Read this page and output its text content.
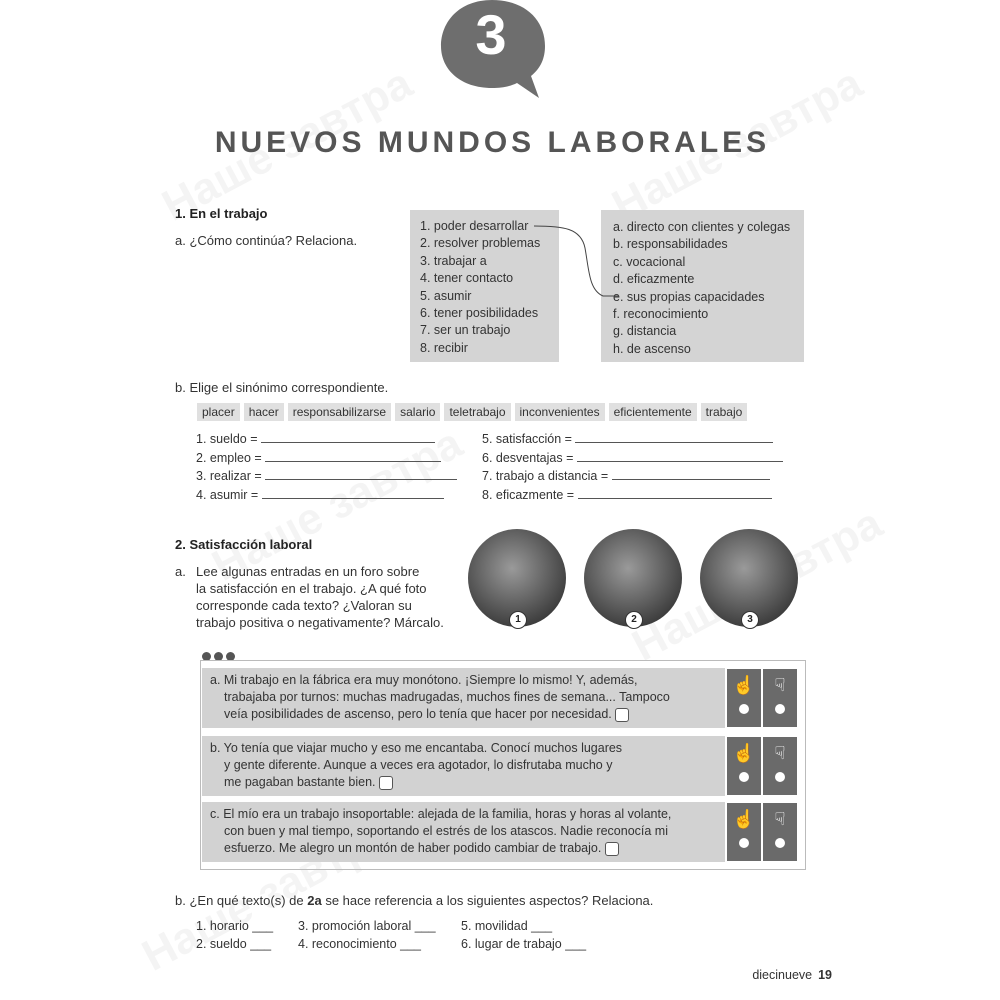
3
NUEVOS MUNDOS LABORALES
1. En el trabajo
a. ¿Cómo continúa? Relaciona.
1. poder desarrollar
2. resolver problemas
3. trabajar a
4. tener contacto
5. asumir
6. tener posibilidades
7. ser un trabajo
8. recibir
a. directo con clientes y colegas
b. responsabilidades
c. vocacional
d. eficazmente
e. sus propias capacidades
f. reconocimiento
g. distancia
h. de ascenso
b. Elige el sinónimo correspondiente.
placer	hacer	responsabilizarse	salario	teletrabajo	inconvenientes	eficientemente	trabajo
1. sueldo =
2. empleo =
3. realizar =
4. asumir =
5. satisfacción =
6. desventajas =
7. trabajo a distancia =
8. eficazmente =
2. Satisfacción laboral
a. Lee algunas entradas en un foro sobre
la satisfacción en el trabajo. ¿A qué foto
corresponde cada texto? ¿Valoran su
trabajo positiva o negativamente? Márcalo.	1	2	3
a. Mi trabajo en la fábrica era muy monótono. ¡Siempre lo mismo! Y, además,
trabajaba por turnos: muchas madrugadas, muchos fines de semana... Tampoco
veía posibilidades de ascenso, pero lo tenía que hacer por necesidad.
☝	☟
b. Yo tenía que viajar mucho y eso me encantaba. Conocí muchos lugares
y gente diferente. Aunque a veces era agotador, lo disfrutaba mucho y
me pagaban bastante bien.
☝	☟
c. El mío era un trabajo insoportable: alejada de la familia, horas y horas al volante,
con buen y mal tiempo, soportando el estrés de los atascos. Nadie reconocía mi
esfuerzo. Me alegro un montón de haber podido cambiar de trabajo.
☝	☟
b. ¿En qué texto(s) de 2a se hace referencia a los siguientes aspectos? Relaciona.
1. horario ___
2. sueldo ___
3. promoción laboral ___
4. reconocimiento ___
5. movilidad ___
6. lugar de trabajo ___
diecinueve 19
